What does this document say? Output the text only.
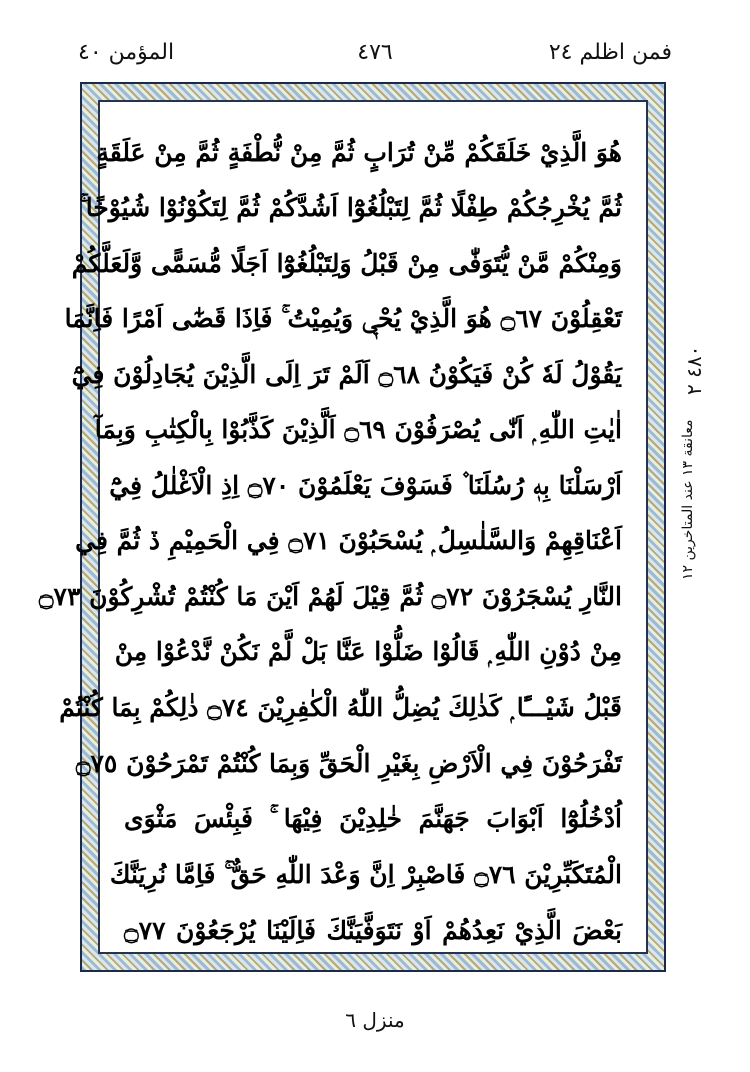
فمن اظلم ٢٤
٤٧٦
المؤمن ٤٠
هُوَ الَّذِيْ خَلَقَكُمْ مِّنْ تُرَابٍ ثُمَّ مِنْ نُّطْفَةٍ ثُمَّ مِنْ عَلَقَةٍ
ثُمَّ يُخْرِجُكُمْ طِفْلًا ثُمَّ لِتَبْلُغُوْٓا اَشُدَّكُمْ ثُمَّ لِتَكُوْنُوْا شُيُوْخًا ۚ
وَمِنْكُمْ مَّنْ يُّتَوَفّٰى مِنْ قَبْلُ وَلِتَبْلُغُوْٓا اَجَلًا مُّسَمًّى وَّلَعَلَّكُمْ
تَعْقِلُوْنَ ۝٦٧ هُوَ الَّذِيْ يُحْيٖ وَيُمِيْتُ ۚ فَاِذَا قَضٰٓى اَمْرًا فَاِنَّمَا
يَقُوْلُ لَهٗ كُنْ فَيَكُوْنُ ۝٦٨ اَلَمْ تَرَ اِلَى الَّذِيْنَ يُجَادِلُوْنَ فِيْٓ
اٰيٰتِ اللّٰهِ ۭ اَنّٰى يُصْرَفُوْنَ ۝٦٩ اَلَّذِيْنَ كَذَّبُوْا بِالْكِتٰبِ وَبِمَآ
اَرْسَلْنَا بِهٖ رُسُلَنَا ۫ فَسَوْفَ يَعْلَمُوْنَ ۝٧٠ اِذِ الْاَغْلٰلُ فِيْٓ
اَعْنَاقِهِمْ وَالسَّلٰسِلُ ۭ يُسْحَبُوْنَ ۝٧١ فِي الْحَمِيْمِ ڏ ثُمَّ فِي
النَّارِ يُسْجَرُوْنَ ۝٧٢ ثُمَّ قِيْلَ لَهُمْ اَيْنَ مَا كُنْتُمْ تُشْرِكُوْنَ ۝٧٣
مِنْ دُوْنِ اللّٰهِ ۭ قَالُوْا ضَلُّوْا عَنَّا بَلْ لَّمْ نَكُنْ نَّدْعُوْا مِنْ
قَبْلُ شَيْـــًٔا ۭ كَذٰلِكَ يُضِلُّ اللّٰهُ الْكٰفِرِيْنَ ۝٧٤ ذٰلِكُمْ بِمَا كُنْتُمْ
تَفْرَحُوْنَ فِي الْاَرْضِ بِغَيْرِ الْحَقِّ وَبِمَا كُنْتُمْ تَمْرَحُوْنَ ۝٧٥
اُدْخُلُوْٓا اَبْوَابَ جَهَنَّمَ خٰلِدِيْنَ فِيْهَا ۚ فَبِئْسَ مَثْوَى
الْمُتَكَبِّرِيْنَ ۝٧٦ فَاصْبِرْ اِنَّ وَعْدَ اللّٰهِ حَقٌّ ۚ فَاِمَّا نُرِيَنَّكَ
بَعْضَ الَّذِيْ نَعِدُهُمْ اَوْ نَتَوَفَّيَنَّكَ فَاِلَيْنَا يُرْجَعُوْنَ ۝٧٧
٤٨٠ ٢
معانقة ١٣ عند المتاخرين ١٢
منزل ٦
